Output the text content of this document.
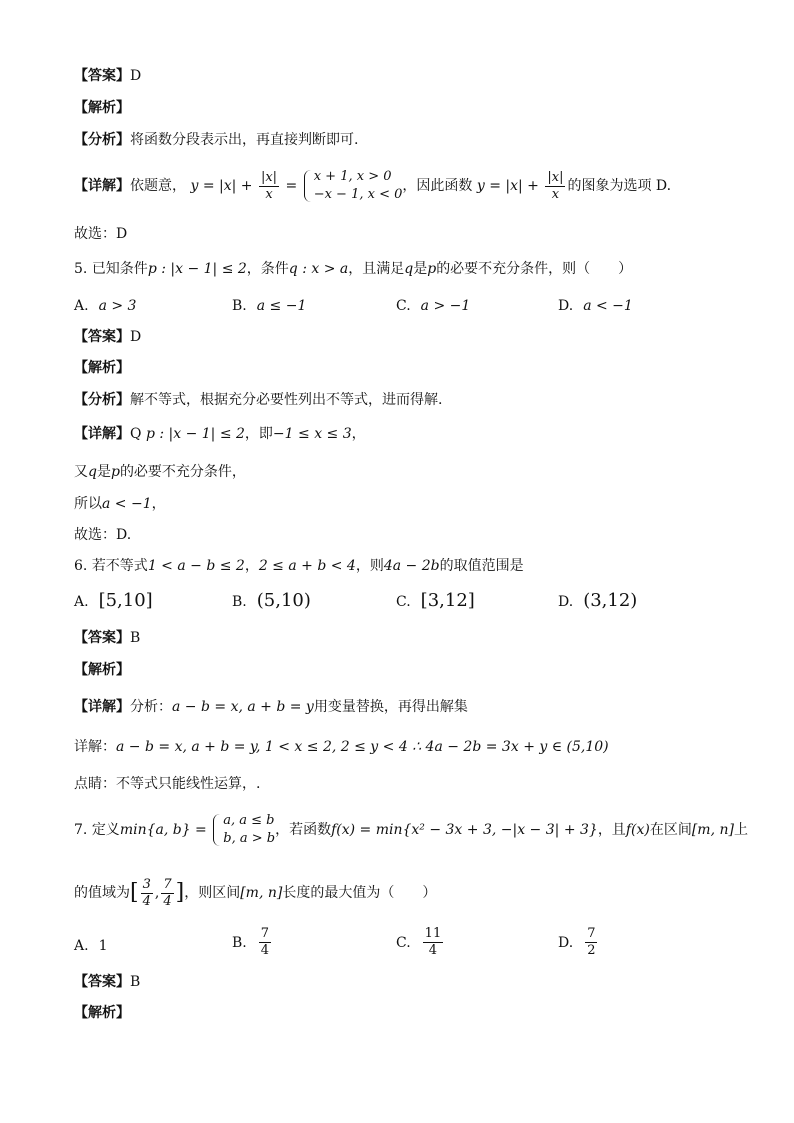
【答案】D
【解析】
【分析】将函数分段表示出，再直接判断即可.
【详解】依题意， $y = |x| + \frac{|x|}{x}$ =
x + 1, x > 0
−x − 1, x < 0
，因此函数 $y = |x| + \frac{|x|}{x}$ 的图象为选项 D.
故选：D
5. 已知条件p : |x − 1| ≤ 2，条件q : x > a，且满足q是p的必要不充分条件，则（　　）
A. a > 3	B. a ≤ −1	C. a > −1	D. a < −1
【答案】D
【解析】
【分析】解不等式，根据充分必要性列出不等式，进而得解.
【详解】Q p : |x − 1| ≤ 2，即−1 ≤ x ≤ 3，
又q是p的必要不充分条件，
所以a < −1，
故选：D.
6. 若不等式1 < a − b ≤ 2，2 ≤ a + b < 4，则4a − 2b的取值范围是
A. [5,10]	B. (5,10)	C. [3,12]	D. (3,12)
【答案】B
【解析】
【详解】分析：a − b = x, a + b = y用变量替换，再得出解集
详解：a − b = x, a + b = y, 1 < x ≤ 2, 2 ≤ y < 4 ∴ 4a − 2b = 3x + y ∈ (5,10)
点睛：不等式只能线性运算，.
7. 定义min{a, b} =
a, a ≤ b
b, a > b
，若函数f(x) = min{x² − 3x + 3, −|x − 3| + 3}，且f(x)在区间[m, n]上
的值域为[ $\frac{3}{4}$ , $\frac{7}{4}$ ]，则区间[m, n]长度的最大值为（　　）
A. 1	B. $\frac{7}{4}$	C. $\frac{11}{4}$	D. $\frac{7}{2}$
【答案】B
【解析】
